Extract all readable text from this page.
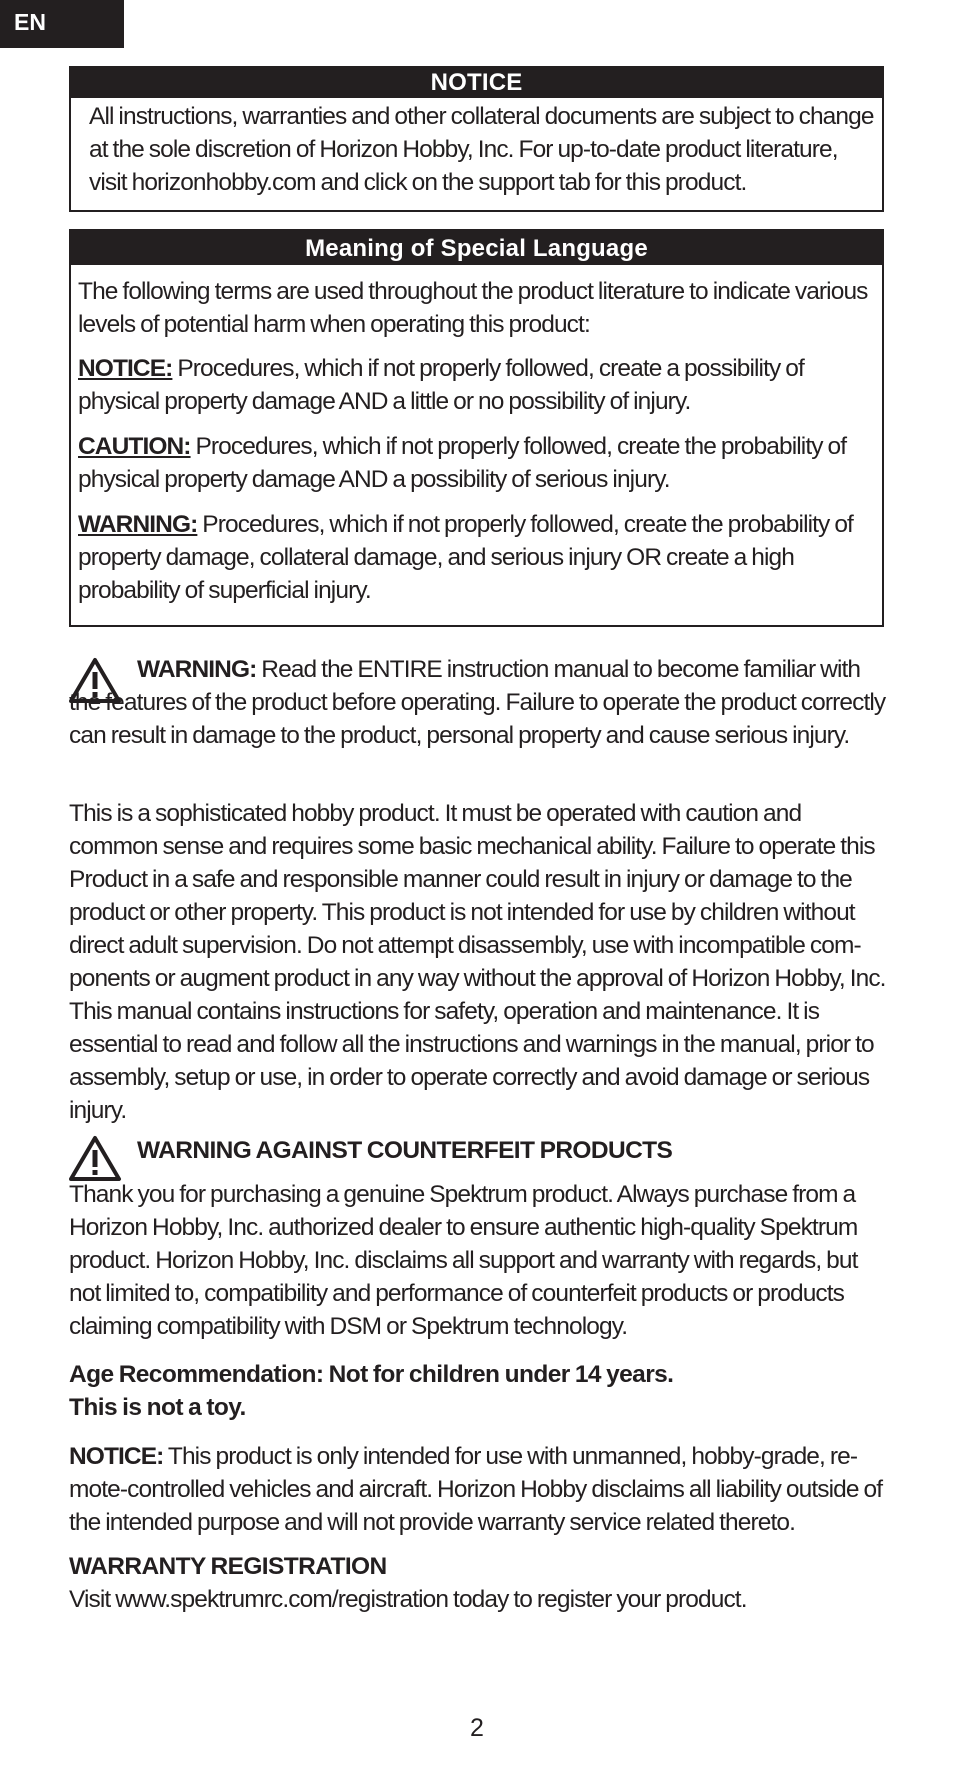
EN
NOTICE

All instructions, warranties and other collateral documents are subject to change at the sole discretion of Horizon Hobby, Inc. For up-to-date product literature, visit horizonhobby.com and click on the support tab for this product.

Meaning of Special Language

The following terms are used throughout the product literature to indicate various levels of potential harm when operating this product:

NOTICE: Procedures, which if not properly followed, create a possibility of physical property damage AND a little or no possibility of injury.

CAUTION: Procedures, which if not properly followed, create the probability of physical property damage AND a possibility of serious injury.

WARNING: Procedures, which if not properly followed, create the probability of property damage, collateral damage, and serious injury OR create a high probability of superficial injury.

WARNING: Read the ENTIRE instruction manual to become familiar with the features of the product before operating. Failure to operate the product correctly can result in damage to the product, personal property and cause serious injury.

This is a sophisticated hobby product. It must be operated with caution and common sense and requires some basic mechanical ability. Failure to operate this Product in a safe and responsible manner could result in injury or damage to the product or other property. This product is not intended for use by children without direct adult supervision. Do not attempt disassembly, use with incompatible com-ponents or augment product in any way without the approval of Horizon Hobby, Inc. This manual contains instructions for safety, operation and maintenance. It is essential to read and follow all the instructions and warnings in the manual, prior to assembly, setup or use, in order to operate correctly and avoid damage or serious injury.

WARNING AGAINST COUNTERFEIT PRODUCTS

Thank you for purchasing a genuine Spektrum product. Always purchase from a Horizon Hobby, Inc. authorized dealer to ensure authentic high-quality Spektrum product. Horizon Hobby, Inc. disclaims all support and warranty with regards, but not limited to, compatibility and performance of counterfeit products or products claiming compatibility with DSM or Spektrum technology.

Age Recommendation: Not for children under 14 years.
This is not a toy.

NOTICE: This product is only intended for use with unmanned, hobby-grade, re-mote-controlled vehicles and aircraft. Horizon Hobby disclaims all liability outside of the intended purpose and will not provide warranty service related thereto.

WARRANTY REGISTRATION

Visit www.spektrumrc.com/registration today to register your product.

2
